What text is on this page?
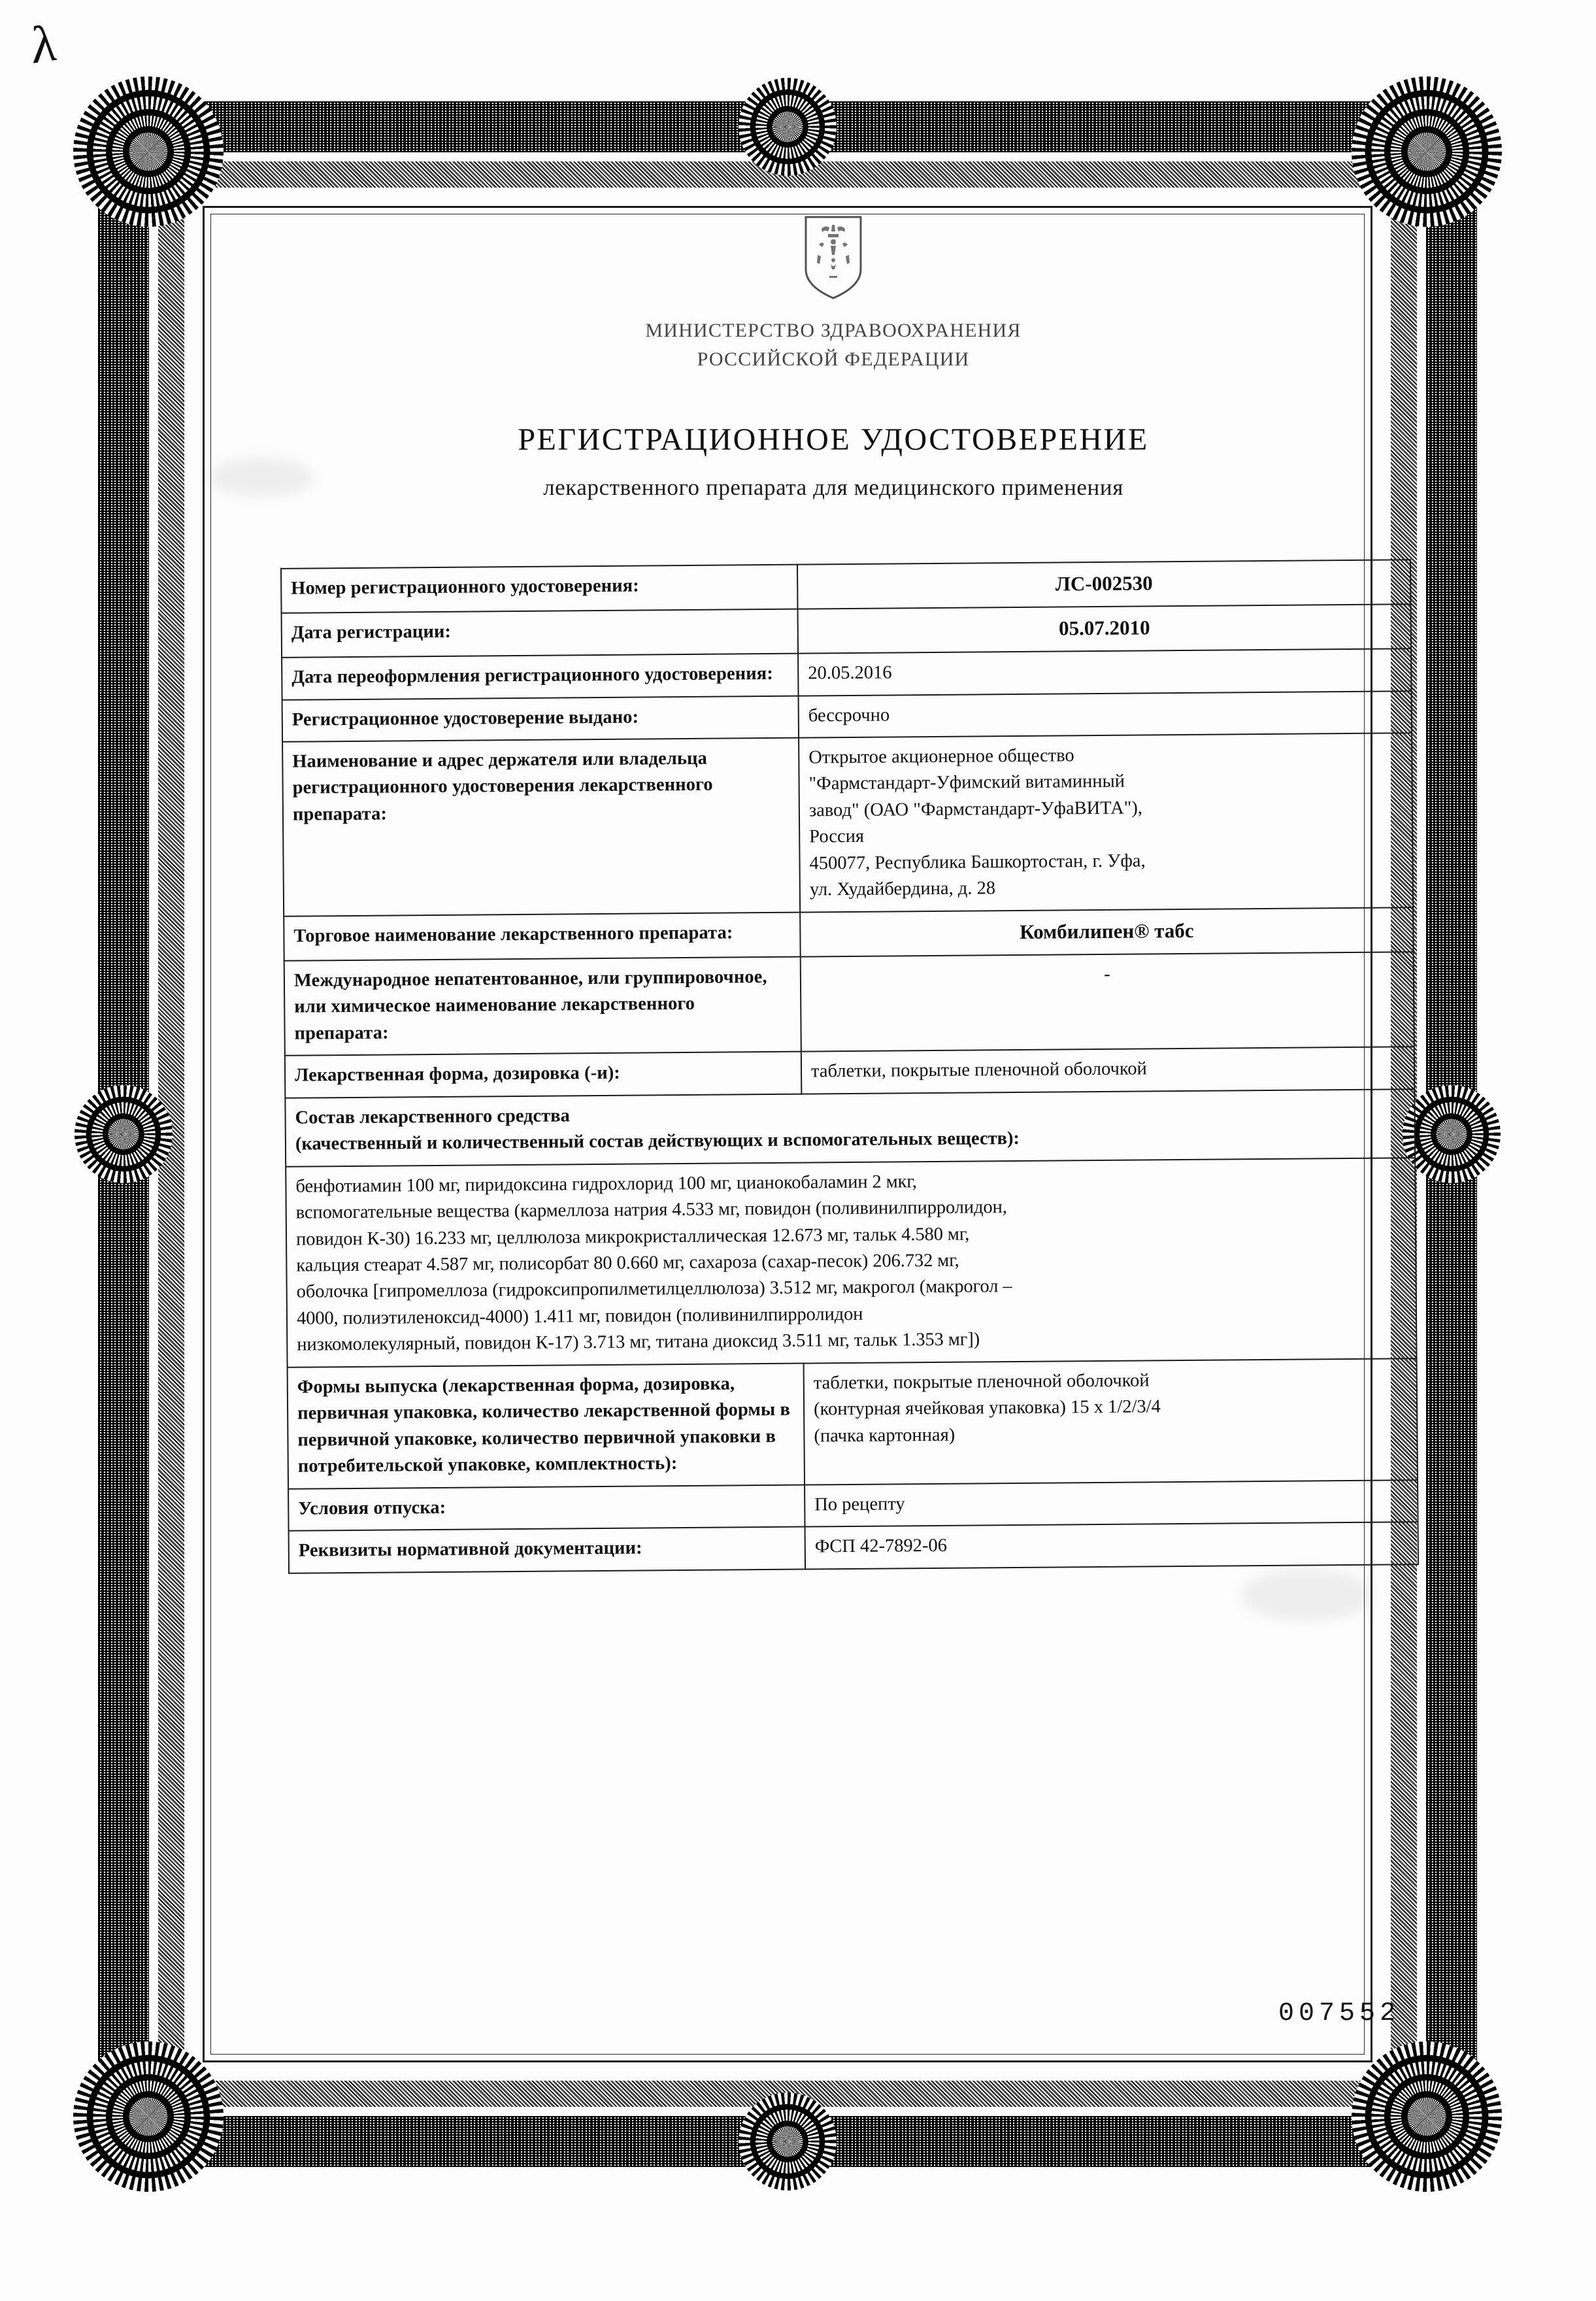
λ
МИНИСТЕРСТВО ЗДРАВООХРАНЕНИЯ
РОССИЙСКОЙ ФЕДЕРАЦИИ
РЕГИСТРАЦИОННОЕ УДОСТОВЕРЕНИЕ
лекарственного препарата для медицинского применения
Номер регистрационного удостоверения:	ЛС-002530
Дата регистрации:	05.07.2010
Дата переоформления регистрационного удостоверения:	20.05.2016
Регистрационное удостоверение выдано:	бессрочно
Наименование и адрес держателя или владельца регистрационного удостоверения лекарственного препарата:	
Открытое акционерное общество
"Фармстандарт-Уфимский витаминный
завод" (ОАО "Фармстандарт-УфаВИТА"),
Россия
450077, Республика Башкортостан, г. Уфа,
ул. Худайбердина, д. 28

Торговое наименование лекарственного препарата:	Комбилипен® табс
Международное непатентованное, или группировочное, или химическое наименование лекарственного препарата:	-
Лекарственная форма, дозировка (-и):	таблетки, покрытые пленочной оболочкой

Состав лекарственного средства
(качественный и количественный состав действующих и вспомогательных веществ):	

бенфотиамин 100 мг, пиридоксина гидрохлорид 100 мг, цианокобаламин 2 мкг,
вспомогательные вещества (кармеллоза натрия 4.533 мг, повидон (поливинилпирролидон,
повидон К-30) 16.233 мг, целлюлоза микрокристаллическая 12.673 мг, тальк 4.580 мг,
кальция стеарат 4.587 мг, полисорбат 80 0.660 мг, сахароза (сахар-песок) 206.732 мг,
оболочка [гипромеллоза (гидроксипропилметилцеллюлоза) 3.512 мг, макрогол (макрогол –
4000, полиэтиленоксид-4000) 1.411 мг, повидон (поливинилпирролидон
низкомолекулярный, повидон К-17) 3.713 мг, титана диоксид 3.511 мг, тальк 1.353 мг])

Формы выпуска (лекарственная форма, дозировка, первичная упаковка, количество лекарственной формы в первичной упаковке, количество первичной упаковки в потребительской упаковке, комплектность):	таблетки, покрытые пленочной оболочкой
(контурная ячейковая упаковка) 15 x 1/2/3/4
(пачка картонная)

Условия отпуска:	По рецепту
Реквизиты нормативной документации:	ФСП 42-7892-06
007552
